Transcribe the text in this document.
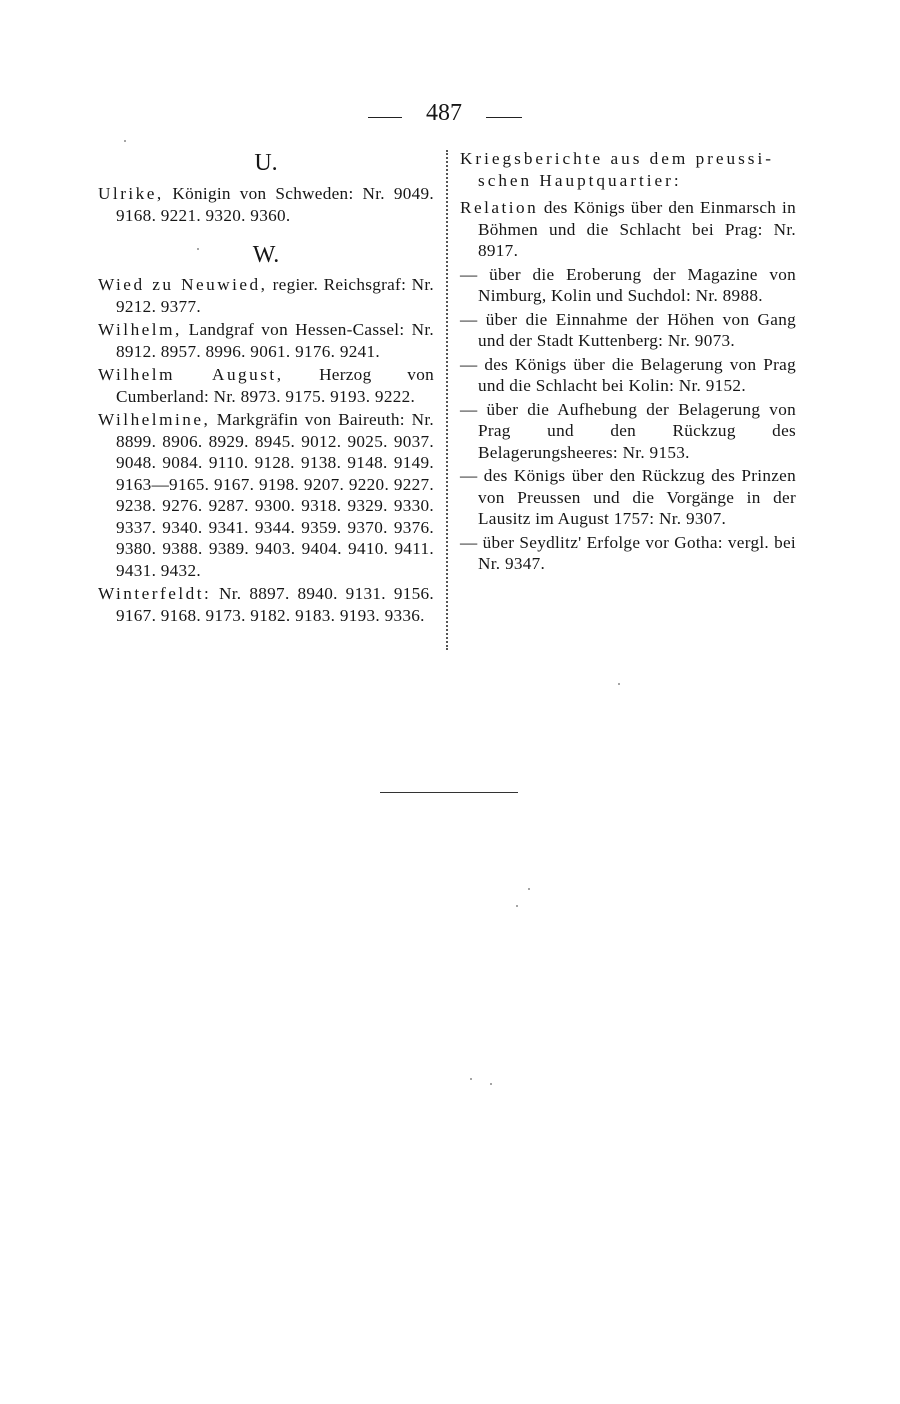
487
U.
Ulrike, Königin von Schweden: Nr. 9049. 9168. 9221. 9320. 9360.
W.
Wied zu Neuwied, regier. Reichsgraf: Nr. 9212. 9377.
Wilhelm, Landgraf von Hessen-Cassel: Nr. 8912. 8957. 8996. 9061. 9176. 9241.
Wilhelm August, Herzog von Cumberland: Nr. 8973. 9175. 9193. 9222.
Wilhelmine, Markgräfin von Baireuth: Nr. 8899. 8906. 8929. 8945. 9012. 9025. 9037. 9048. 9084. 9110. 9128. 9138. 9148. 9149. 9163—9165. 9167. 9198. 9207. 9220. 9227. 9238. 9276. 9287. 9300. 9318. 9329. 9330. 9337. 9340. 9341. 9344. 9359. 9370. 9376. 9380. 9388. 9389. 9403. 9404. 9410. 9411. 9431. 9432.
Winterfeldt: Nr. 8897. 8940. 9131. 9156. 9167. 9168. 9173. 9182. 9183. 9193. 9336.
Kriegsberichte aus dem preussi-
schen Hauptquartier:
Relation des Königs über den Einmarsch in Böhmen und die Schlacht bei Prag: Nr. 8917.
— über die Eroberung der Magazine von Nimburg, Kolin und Suchdol: Nr. 8988.
— über die Einnahme der Höhen von Gang und der Stadt Kuttenberg: Nr. 9073.
— des Königs über die Belagerung von Prag und die Schlacht bei Kolin: Nr. 9152.
— über die Aufhebung der Belagerung von Prag und den Rückzug des Belagerungsheeres: Nr. 9153.
— des Königs über den Rückzug des Prinzen von Preussen und die Vorgänge in der Lausitz im August 1757: Nr. 9307.
— über Seydlitz' Erfolge vor Gotha: vergl. bei Nr. 9347.
